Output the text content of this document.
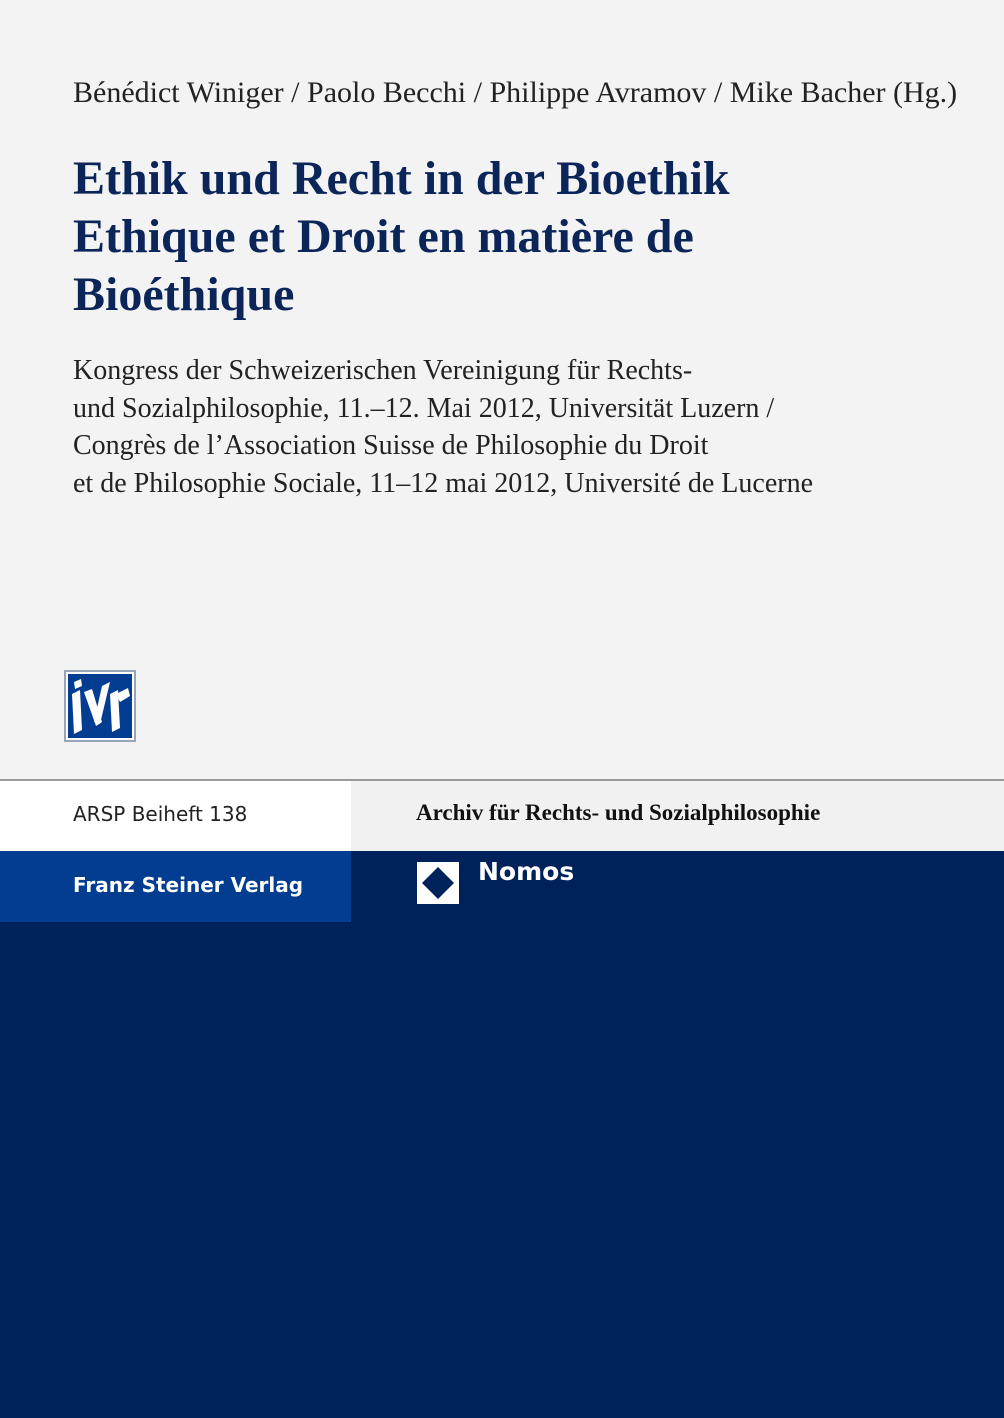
Bénédict Winiger / Paolo Becchi / Philippe Avramov / Mike Bacher (Hg.)
Ethik und Recht in der Bioethik
Ethique et Droit en matière de
Bioéthique
Kongress der Schweizerischen Vereinigung für Rechts-
und Sozialphilosophie, 11.–12. Mai 2012, Universität Luzern /
Congrès de l’Association Suisse de Philosophie du Droit
et de Philosophie Sociale, 11–12 mai 2012, Université de Lucerne
ARSP Beiheft 138	Archiv für Rechts- und Sozialphilosophie
Franz Steiner Verlag	Nomos
